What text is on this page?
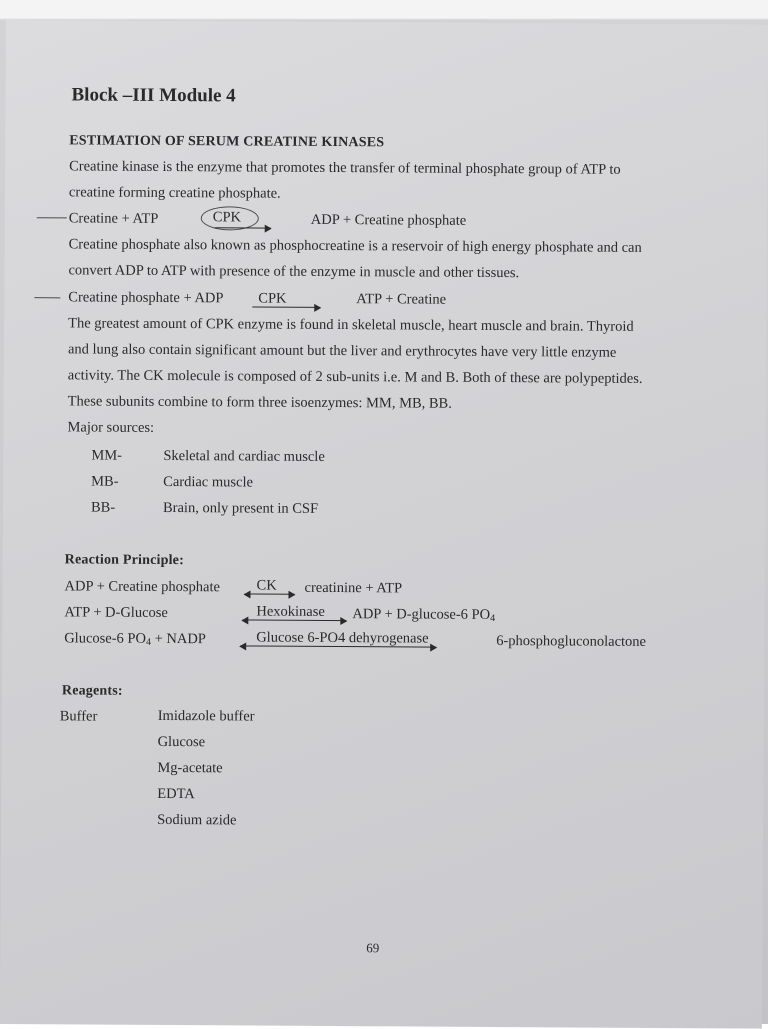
Block –III Module 4
ESTIMATION OF SERUM CREATINE KINASES
Creatine kinase is the enzyme that promotes the transfer of terminal phosphate group of ATP to
creatine forming creatine phosphate.
Creatine + ATP	CPK	ADP + Creatine phosphate
Creatine phosphate also known as phosphocreatine is a reservoir of high energy phosphate and can
convert ADP to ATP with presence of the enzyme in muscle and other tissues.
Creatine phosphate + ADP CPK	ATP + Creatine
The greatest amount of CPK enzyme is found in skeletal muscle, heart muscle and brain. Thyroid
and lung also contain significant amount but the liver and erythrocytes have very little enzyme
activity. The CK molecule is composed of 2 sub-units i.e. M and B. Both of these are polypeptides.
These subunits combine to form three isoenzymes: MM, MB, BB.
Major sources:
MM-	Skeletal and cardiac muscle
MB-	Cardiac muscle
BB-	Brain, only present in CSF
Reaction Principle:
ADP + Creatine phosphate	CK creatinine + ATP
ATP + D-Glucose	Hexokinase ADP + D-glucose-6 $PO_4$
Glucose-6 $PO_4$ + NADP	Glucose 6-PO4 dehyrogenase	6-phosphogluconolactone
Reagents:
Buffer	Imidazole buffer
Glucose
Mg-acetate
EDTA
Sodium azide
69
